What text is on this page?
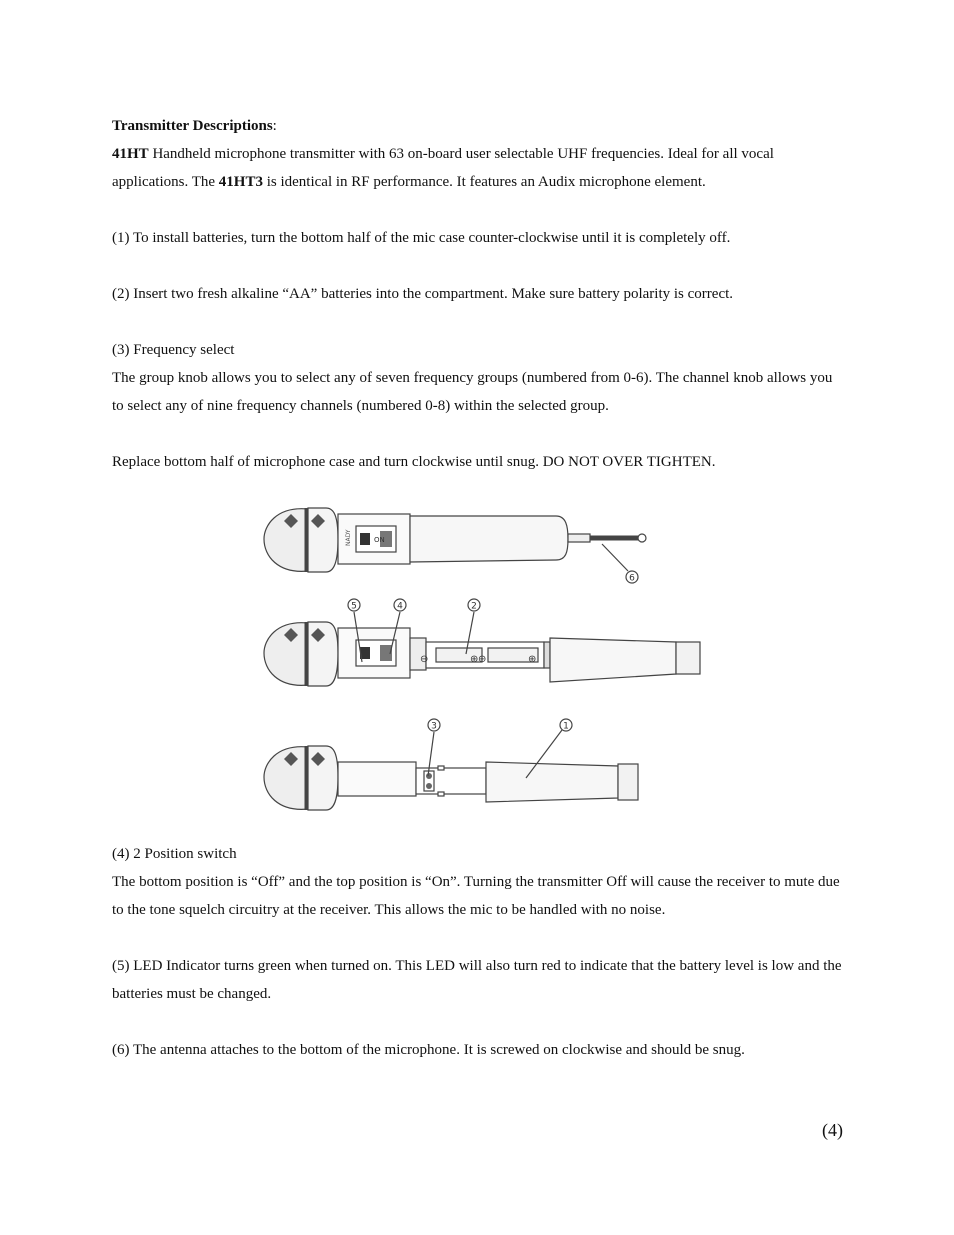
Transmitter Descriptions:

41HT Handheld microphone transmitter with 63 on-board user selectable UHF frequencies. Ideal for all vocal applications. The 41HT3 is identical in RF performance. It features an Audix microphone element.

(1) To install batteries, turn the bottom half of the mic case counter-clockwise until it is completely off.

(2) Insert two fresh alkaline “AA” batteries into the compartment. Make sure battery polarity is correct.

(3) Frequency select

The group knob allows you to select any of seven frequency groups (numbered from 0-6). The channel knob allows you to select any of nine frequency channels (numbered 0-8) within the selected group.

Replace bottom half of microphone case and turn clockwise until snug. DO NOT OVER TIGHTEN.

ON
NADY
⊖	⊕ ⊖	⊕
6
5	4	2
3	1

(4) 2 Position switch

The bottom position is “Off” and the top position is “On”. Turning the transmitter Off will cause the receiver to mute due to the tone squelch circuitry at the receiver. This allows the mic to be handled with no noise.

(5) LED Indicator turns green when turned on. This LED will also turn red to indicate that the battery level is low and the batteries must be changed.

(6) The antenna attaches to the bottom of the microphone. It is screwed on clockwise and should be snug.

(4)
